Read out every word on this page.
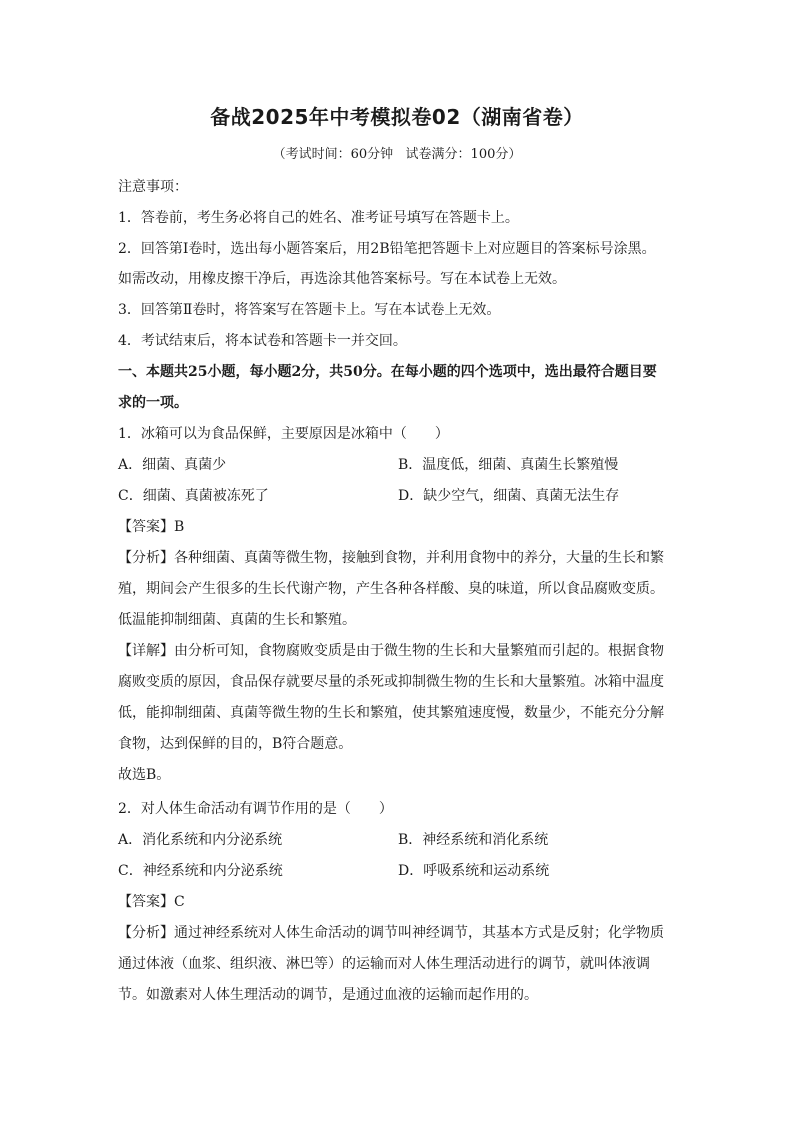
备战2025年中考模拟卷02（湖南省卷）
（考试时间：60分钟   试卷满分：100分）
注意事项：
1．答卷前，考生务必将自己的姓名、准考证号填写在答题卡上。
2．回答第Ⅰ卷时，选出每小题答案后，用2B铅笔把答题卡上对应题目的答案标号涂黑。
如需改动，用橡皮擦干净后，再选涂其他答案标号。写在本试卷上无效。
3．回答第Ⅱ卷时，将答案写在答题卡上。写在本试卷上无效。
4．考试结束后，将本试卷和答题卡一并交回。
一、本题共25小题，每小题2分，共50分。在每小题的四个选项中，选出最符合题目要
求的一项。
1．冰箱可以为食品保鲜，主要原因是冰箱中（　　）
A．细菌、真菌少	B．温度低，细菌、真菌生长繁殖慢
C．细菌、真菌被冻死了	D．缺少空气，细菌、真菌无法生存
【答案】B
【分析】各种细菌、真菌等微生物，接触到食物，并利用食物中的养分，大量的生长和繁
殖，期间会产生很多的生长代谢产物，产生各种各样酸、臭的味道，所以食品腐败变质。
低温能抑制细菌、真菌的生长和繁殖。
【详解】由分析可知，食物腐败变质是由于微生物的生长和大量繁殖而引起的。根据食物
腐败变质的原因，食品保存就要尽量的杀死或抑制微生物的生长和大量繁殖。冰箱中温度
低，能抑制细菌、真菌等微生物的生长和繁殖，使其繁殖速度慢，数量少，不能充分分解
食物，达到保鲜的目的，B符合题意。
故选B。
2．对人体生命活动有调节作用的是（　　）
A．消化系统和内分泌系统	B．神经系统和消化系统
C．神经系统和内分泌系统	D．呼吸系统和运动系统
【答案】C
【分析】通过神经系统对人体生命活动的调节叫神经调节，其基本方式是反射；化学物质
通过体液（血浆、组织液、淋巴等）的运输而对人体生理活动进行的调节，就叫体液调
节。如激素对人体生理活动的调节，是通过血液的运输而起作用的。
